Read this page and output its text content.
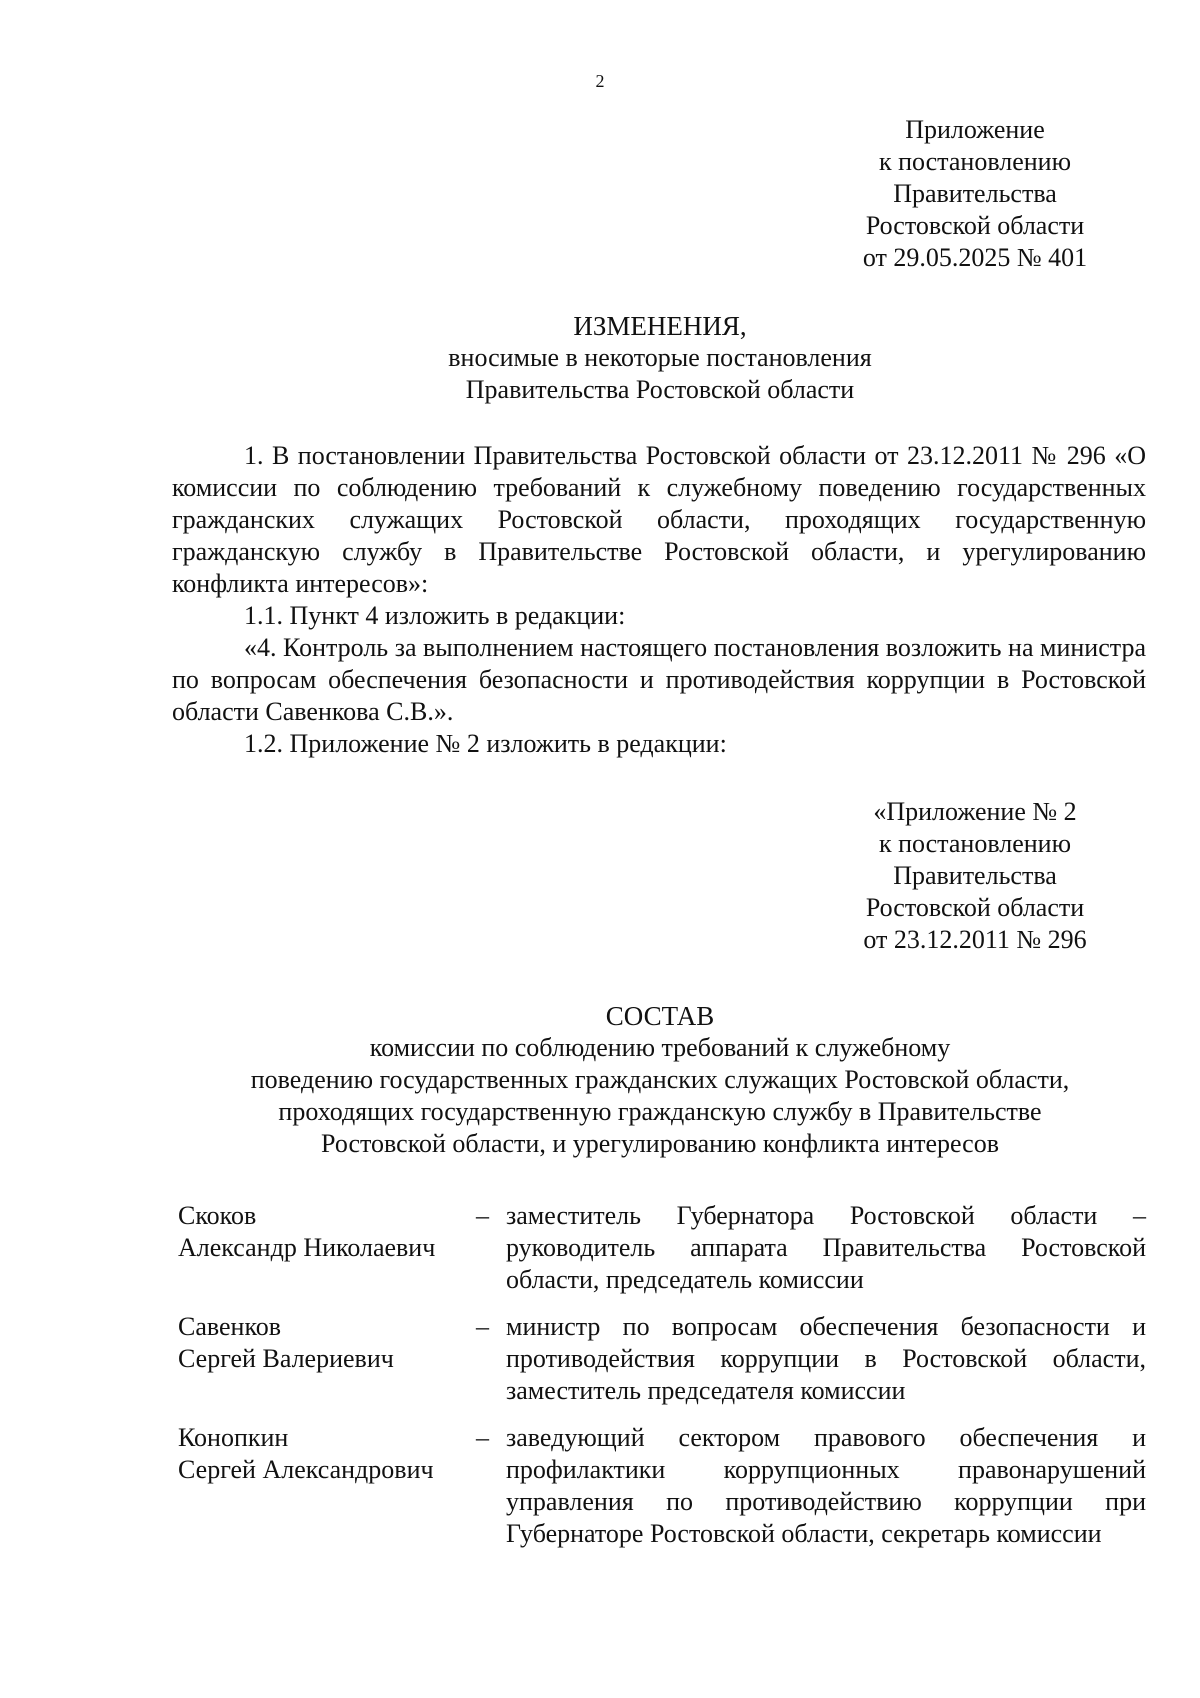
2
Приложение
к постановлению
Правительства
Ростовской области
от 29.05.2025 № 401
ИЗМЕНЕНИЯ,
вносимые в некоторые постановления
Правительства Ростовской области

1. В постановлении Правительства Ростовской области от 23.12.2011 № 296 «О комиссии по соблюдению требований к служебному поведению государственных гражданских служащих Ростовской области, проходящих государственную гражданскую службу в Правительстве Ростовской области, и урегулированию конфликта интересов»:

1.1. Пункт 4 изложить в редакции:

«4. Контроль за выполнением настоящего постановления возложить на министра по вопросам обеспечения безопасности и противодействия коррупции в Ростовской области Савенкова С.В.».

1.2. Приложение № 2 изложить в редакции:

«Приложение № 2
к постановлению
Правительства
Ростовской области
от 23.12.2011 № 296
СОСТАВ
комиссии по соблюдению требований к служебному
поведению государственных гражданских служащих Ростовской области,
проходящих государственную гражданскую службу в Правительстве
Ростовской области, и урегулированию конфликта интересов
Скоков
Александр Николаевич
– заместитель Губернатора Ростовской области – руководитель аппарата Правительства Ростовской области, председатель комиссии
Савенков
Сергей Валериевич
– министр по вопросам обеспечения безопасности и противодействия коррупции в Ростовской области, заместитель председателя комиссии
Конопкин
Сергей Александрович
– заведующий сектором правового обеспечения и профилактики коррупционных правонарушений управления по противодействию коррупции при Губернаторе Ростовской области, секретарь комиссии
